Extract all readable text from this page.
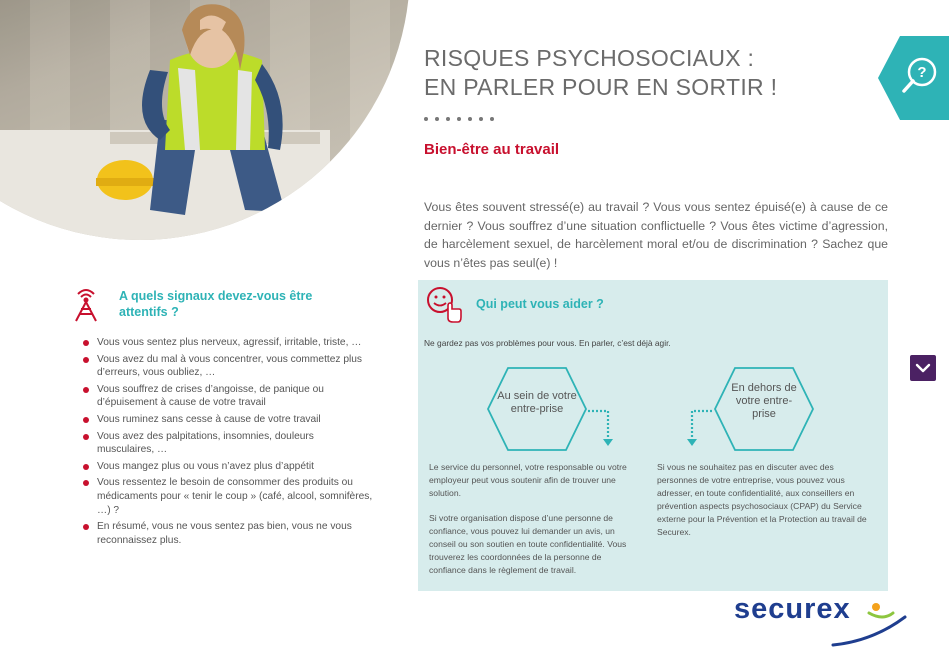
RISQUES PSYCHOSOCIAUX :
EN PARLER POUR EN SORTIR !
?
Bien-être au travail

Vous êtes souvent stressé(e) au travail ? Vous vous sentez épuisé(e) à cause de ce dernier ? Vous souffrez d’une situation conflictuelle ? Vous êtes victime d’agression, de harcèlement sexuel, de harcèlement moral et/ou de discrimination ? Sachez que vous n’êtes pas seul(e) !

A quels signaux devez-vous être attentifs ?
Vous vous sentez plus nerveux, agressif, irritable, triste, …
Vous avez du mal à vous concentrer, vous commettez plus d’erreurs, vous oubliez, …
Vous souffrez de crises d’angoisse, de panique ou d’épuisement à cause de votre travail
Vous ruminez sans cesse à cause de votre travail
Vous avez des palpitations, insomnies, douleurs musculaires, …
Vous mangez plus ou vous n’avez plus d’appétit
Vous ressentez le besoin de consommer des produits ou médicaments pour « tenir le coup » (café, alcool, somnifères, …) ?
En résumé, vous ne vous sentez pas bien, vous ne vous reconnaissez plus.
Qui peut vous aider ?

Ne gardez pas vos problèmes pour vous. En parler, c’est déjà agir.

Au sein de votre entre-prise
En dehors de votre entre-prise

Le service du personnel, votre responsable ou votre employeur peut vous soutenir afin de trouver une solution.

Si votre organisation dispose d’une personne de confiance, vous pouvez lui demander un avis, un conseil ou son soutien en toute confidentialité. Vous trouverez les coordonnées de la personne de confiance dans le règlement de travail.

Si vous ne souhaitez pas en discuter avec des personnes de votre entreprise, vous pouvez vous adresser, en toute confidentialité, aux conseillers en prévention aspects psychosociaux (CPAP) du Service externe pour la Prévention et la Protection au travail de Securex.

securex
